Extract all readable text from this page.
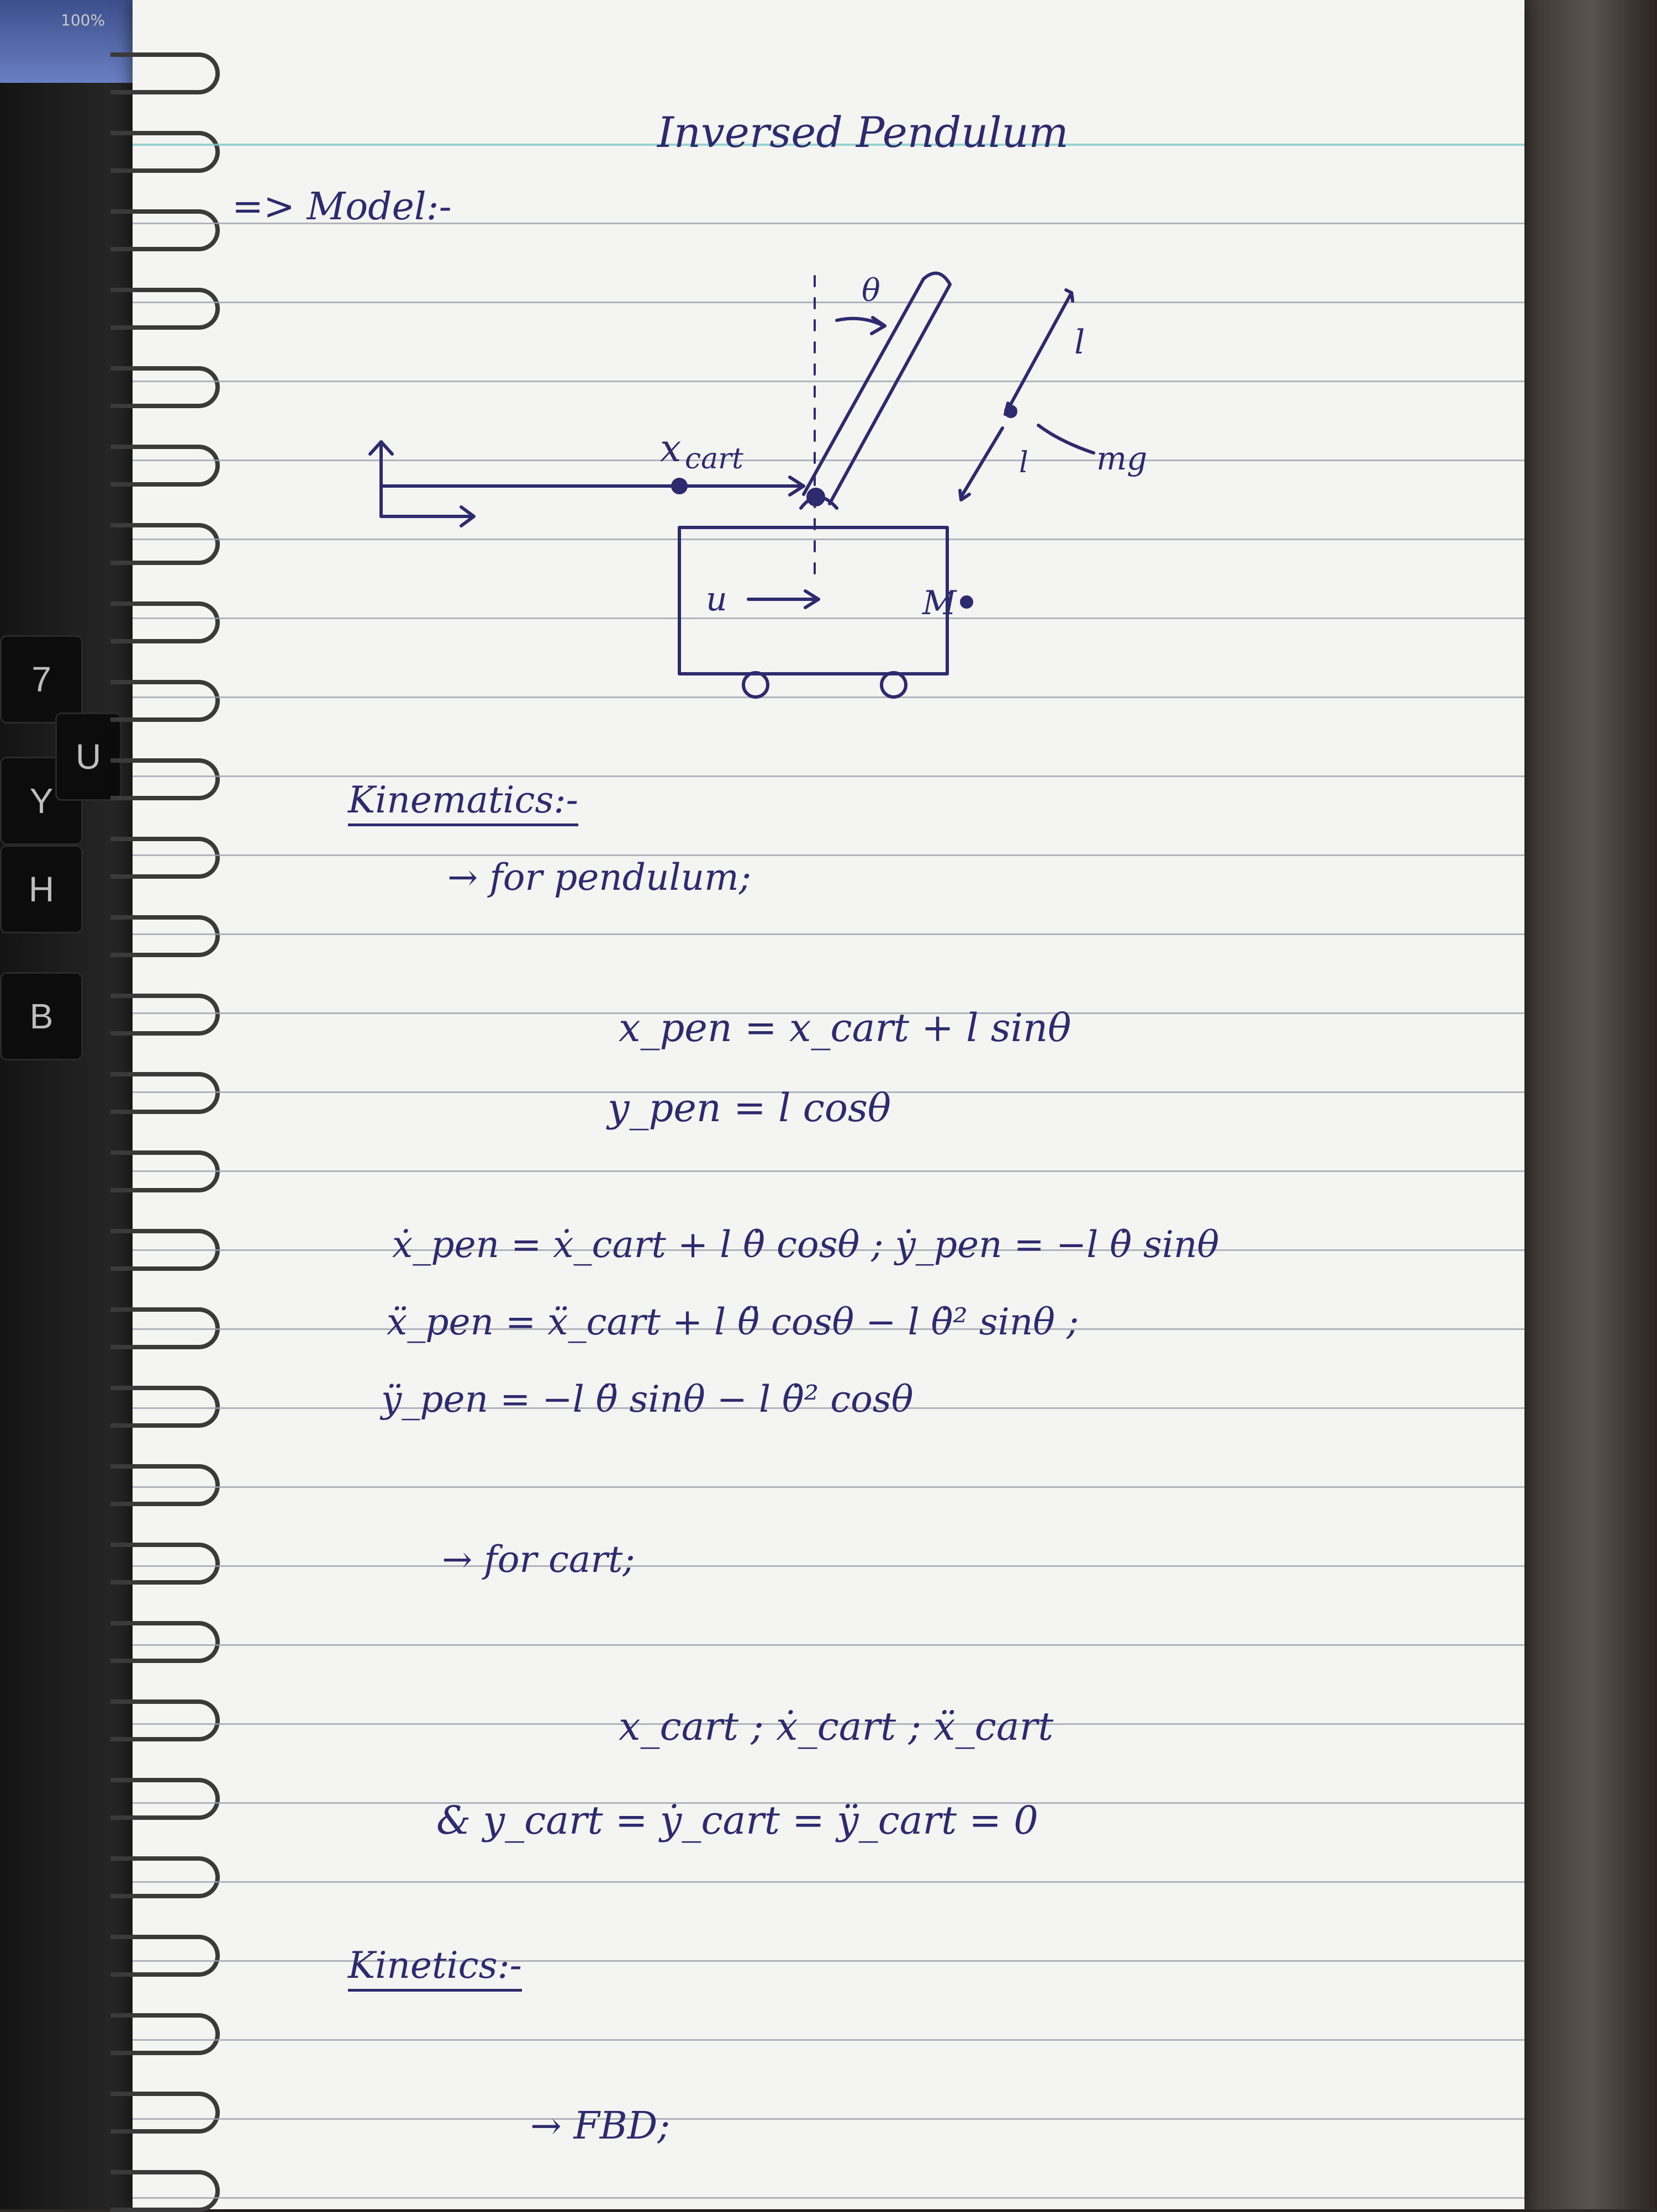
100%
7
Y
U
H
B
θ
l
l mg
x cart
u	M
Inversed Pendulum
=> Model:-
Kinematics:-
→ for pendulum;
x_pen = x_cart + l sinθ
y_pen = l cosθ
ẋ_pen = ẋ_cart + l θ̇ cosθ ; ẏ_pen = −l θ̇ sinθ
ẍ_pen = ẍ_cart + l θ̈ cosθ − l θ̇² sinθ ;
ÿ_pen = −l θ̈ sinθ − l θ̇² cosθ
→ for cart;
x_cart ; ẋ_cart ; ẍ_cart
& y_cart = ẏ_cart = ÿ_cart = 0
Kinetics:-
→ FBD;
